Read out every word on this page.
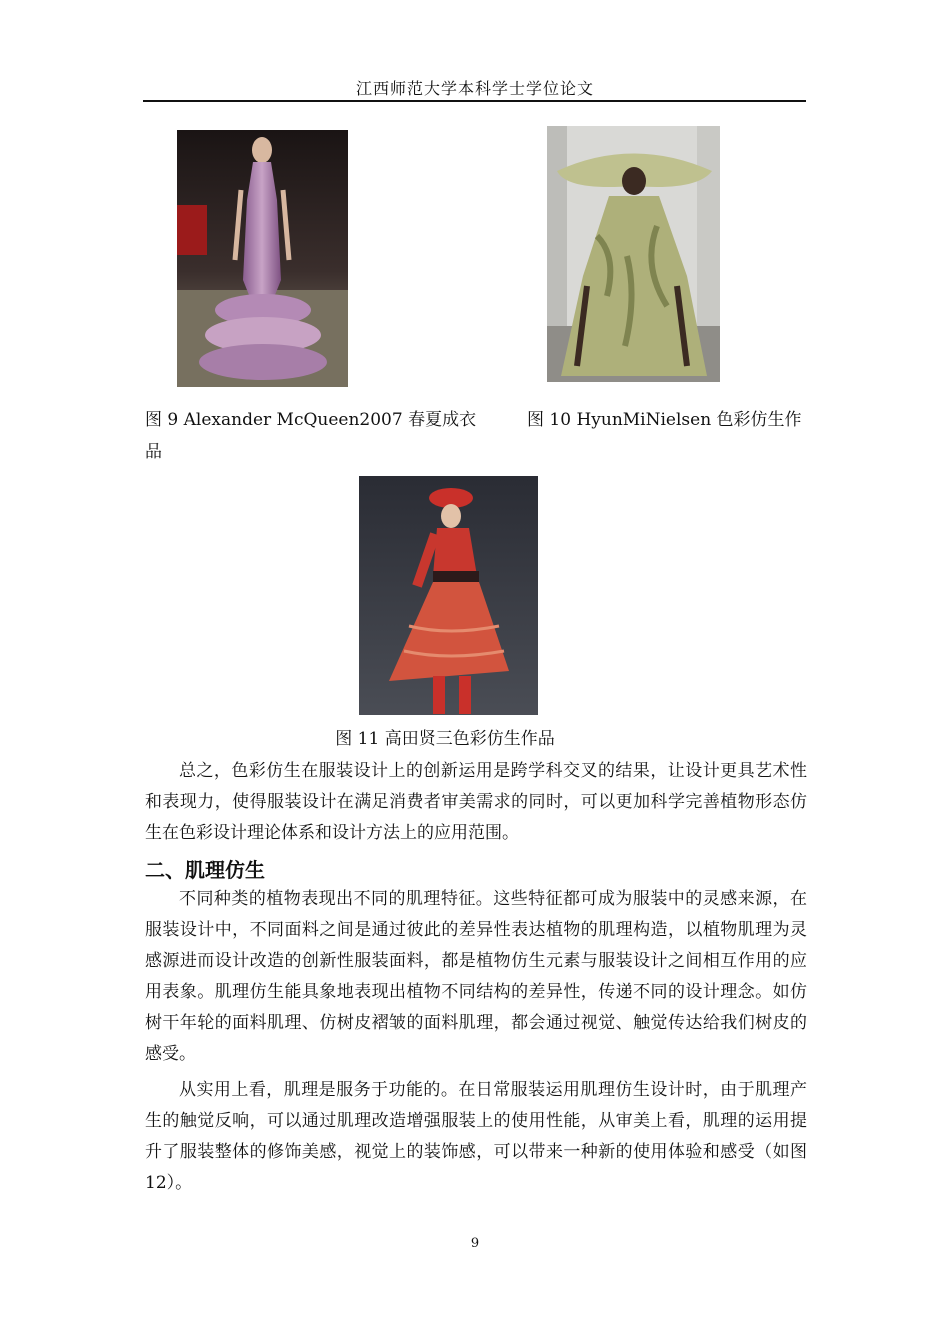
江西师范大学本科学士学位论文
图 9 Alexander McQueen2007 春夏成衣品
图 10 HyunMiNielsen 色彩仿生作
图 11 高田贤三色彩仿生作品

总之，色彩仿生在服装设计上的创新运用是跨学科交叉的结果，让设计更具艺术性和表现力，使得服装设计在满足消费者审美需求的同时，可以更加科学完善植物形态仿生在色彩设计理论体系和设计方法上的应用范围。

二、肌理仿生

不同种类的植物表现出不同的肌理特征。这些特征都可成为服装中的灵感来源，在服装设计中，不同面料之间是通过彼此的差异性表达植物的肌理构造，以植物肌理为灵感源进而设计改造的创新性服装面料，都是植物仿生元素与服装设计之间相互作用的应用表象。肌理仿生能具象地表现出植物不同结构的差异性，传递不同的设计理念。如仿树干年轮的面料肌理、仿树皮褶皱的面料肌理，都会通过视觉、触觉传达给我们树皮的感受。

从实用上看，肌理是服务于功能的。在日常服装运用肌理仿生设计时，由于肌理产生的触觉反响，可以通过肌理改造增强服装上的使用性能，从审美上看，肌理的运用提升了服装整体的修饰美感，视觉上的装饰感，可以带来一种新的使用体验和感受（如图 12）。

9
